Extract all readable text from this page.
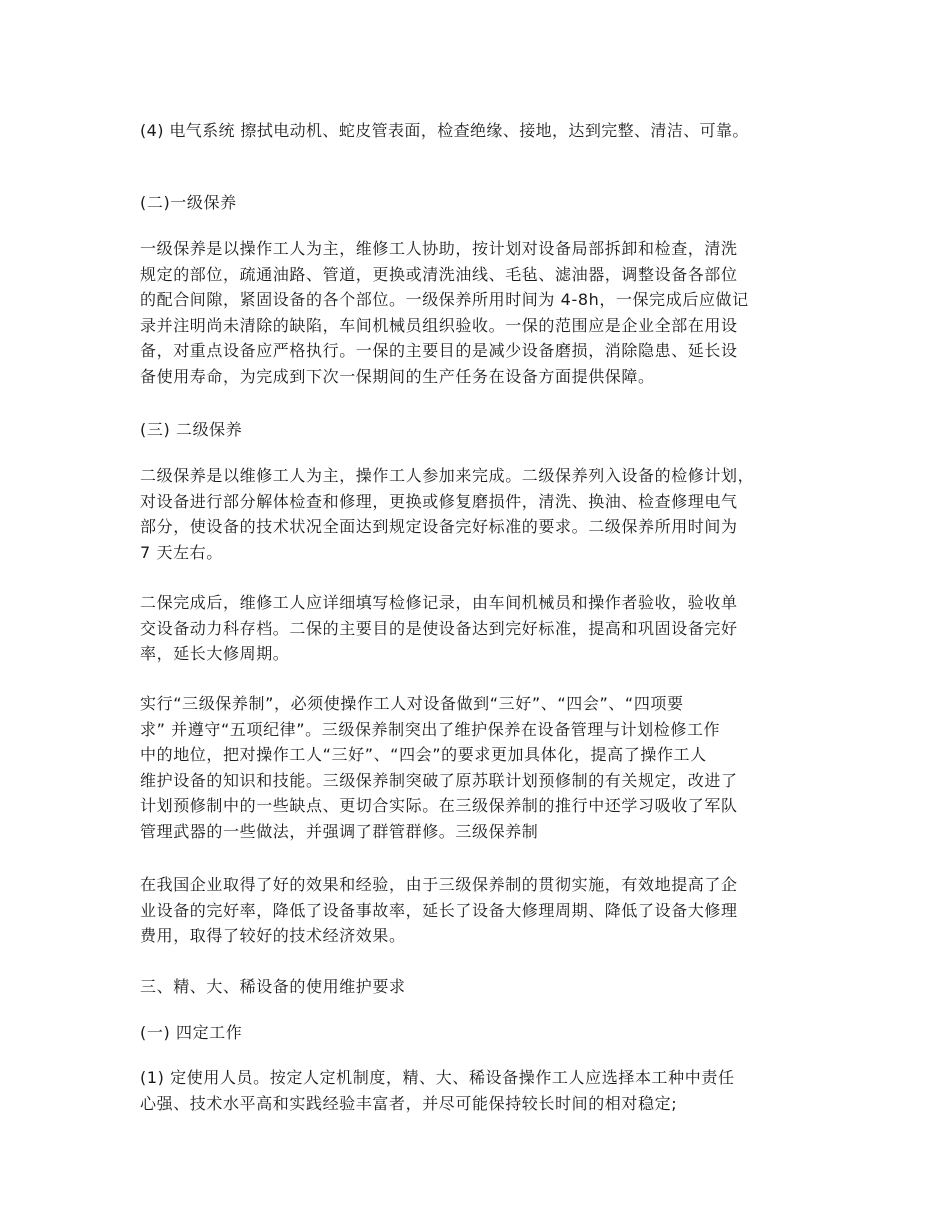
(4) 电气系统 擦拭电动机、蛇皮管表面，检查绝缘、接地，达到完整、清洁、可靠。

(二)一级保养

一级保养是以操作工人为主，维修工人协助，按计划对设备局部拆卸和检查，清洗
规定的部位，疏通油路、管道，更换或清洗油线、毛毡、滤油器，调整设备各部位
的配合间隙，紧固设备的各个部位。一级保养所用时间为 4-8h，一保完成后应做记
录并注明尚未清除的缺陷，车间机械员组织验收。一保的范围应是企业全部在用设
备，对重点设备应严格执行。一保的主要目的是减少设备磨损，消除隐患、延长设
备使用寿命，为完成到下次一保期间的生产任务在设备方面提供保障。

(三) 二级保养

二级保养是以维修工人为主，操作工人参加来完成。二级保养列入设备的检修计划，
对设备进行部分解体检查和修理，更换或修复磨损件，清洗、换油、检查修理电气
部分，使设备的技术状况全面达到规定设备完好标准的要求。二级保养所用时间为
7 天左右。

二保完成后，维修工人应详细填写检修记录，由车间机械员和操作者验收，验收单
交设备动力科存档。二保的主要目的是使设备达到完好标准，提高和巩固设备完好
率，延长大修周期。

实行“三级保养制”，必须使操作工人对设备做到“三好”、“四会”、“四项要
求” 并遵守“五项纪律”。三级保养制突出了维护保养在设备管理与计划检修工作
中的地位，把对操作工人“三好”、“四会”的要求更加具体化，提高了操作工人
维护设备的知识和技能。三级保养制突破了原苏联计划预修制的有关规定，改进了
计划预修制中的一些缺点、更切合实际。在三级保养制的推行中还学习吸收了军队
管理武器的一些做法，并强调了群管群修。三级保养制

在我国企业取得了好的效果和经验，由于三级保养制的贯彻实施，有效地提高了企
业设备的完好率，降低了设备事故率，延长了设备大修理周期、降低了设备大修理
费用，取得了较好的技术经济效果。

三、精、大、稀设备的使用维护要求

(一) 四定工作

(1) 定使用人员。按定人定机制度，精、大、稀设备操作工人应选择本工种中责任
心强、技术水平高和实践经验丰富者，并尽可能保持较长时间的相对稳定;
